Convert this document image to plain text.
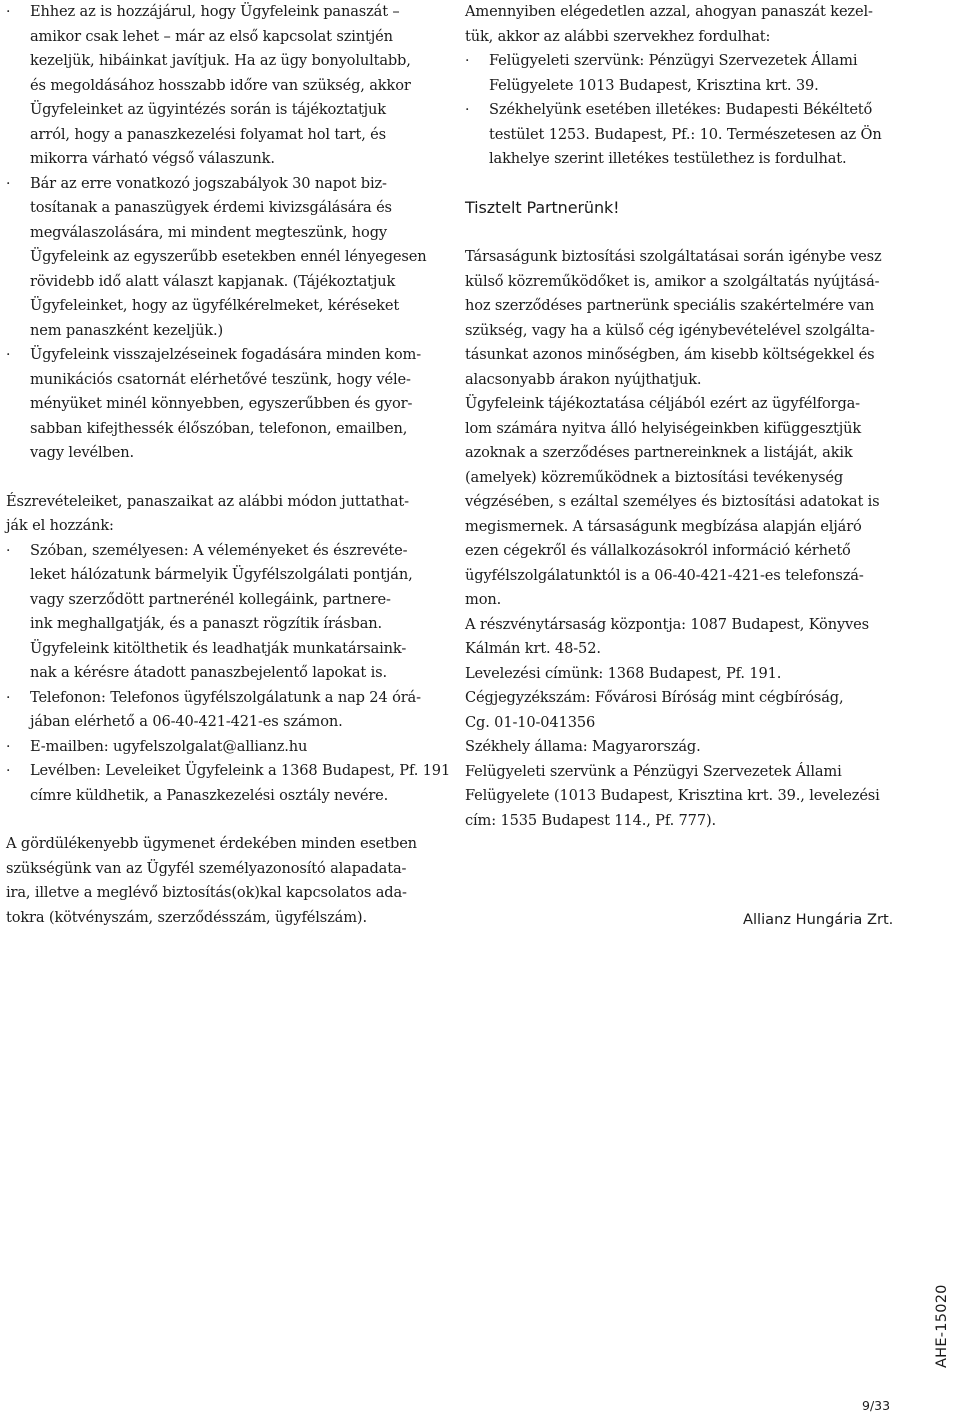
·	Ehhez az is hozzájárul, hogy Ügyfeleink panaszát –
amikor csak lehet – már az első kapcsolat szintjén
kezeljük, hibáinkat javítjuk. Ha az ügy bonyolultabb,
és megoldásához hosszabb időre van szükség, akkor
Ügyfeleinket az ügyintézés során is tájékoztatjuk
arról, hogy a panaszkezelési folyamat hol tart, és
mikorra várható végső válaszunk.
·	Bár az erre vonatkozó jogszabályok 30 napot biz-
tosítanak a panaszügyek érdemi kivizsgálására és
megválaszolására, mi mindent megteszünk, hogy
Ügyfeleink az egyszerűbb esetekben ennél lényegesen
rövidebb idő alatt választ kapjanak. (Tájékoztatjuk
Ügyfeleinket, hogy az ügyfélkérelmeket, kéréseket
nem panaszként kezeljük.)
·	Ügyfeleink visszajelzéseinek fogadására minden kom-
munikációs csatornát elérhetővé teszünk, hogy véle-
ményüket minél könnyebben, egyszerűbben és gyor-
sabban kifejthessék élőszóban, telefonon, emailben,
vagy levélben.
Észrevételeiket, panaszaikat az alábbi módon juttathat-
ják el hozzánk:
·	Szóban, személyesen: A véleményeket és észrevéte-
leket hálózatunk bármelyik Ügyfélszolgálati pontján,
vagy szerződött partnerénél kollegáink, partnere-
ink meghallgatják, és a panaszt rögzítik írásban.
Ügyfeleink kitölthetik és leadhatják munkatársaink-
nak a kérésre átadott panaszbejelentő lapokat is.
·	Telefonon: Telefonos ügyfélszolgálatunk a nap 24 órá-
jában elérhető a 06-40-421-421-es számon.
·	E-mailben: ugyfelszolgalat@allianz.hu
·	Levélben: Leveleiket Ügyfeleink a 1368 Budapest, Pf. 191
címre küldhetik, a Panaszkezelési osztály nevére.
A gördülékenyebb ügymenet érdekében minden esetben
szükségünk van az Ügyfél személyazonosító alapadata-
ira, illetve a meglévő biztosítás(ok)kal kapcsolatos ada-
tokra (kötvényszám, szerződésszám, ügyfélszám).
Amennyiben elégedetlen azzal, ahogyan panaszát kezel-
tük, akkor az alábbi szervekhez fordulhat:
·	Felügyeleti szervünk: Pénzügyi Szervezetek Állami
Felügyelete 1013 Budapest, Krisztina krt. 39.
·	Székhelyünk esetében illetékes: Budapesti Békéltető
testület 1253. Budapest, Pf.: 10. Természetesen az Ön
lakhelye szerint illetékes testülethez is fordulhat.
Tisztelt Partnerünk!
Társaságunk biztosítási szolgáltatásai során igénybe vesz
külső közreműködőket is, amikor a szolgáltatás nyújtásá-
hoz szerződéses partnerünk speciális szakértelmére van
szükség, vagy ha a külső cég igénybevételével szolgálta-
tásunkat azonos minőségben, ám kisebb költségekkel és
alacsonyabb árakon nyújthatjuk.
Ügyfeleink tájékoztatása céljából ezért az ügyfélforga-
lom számára nyitva álló helyiségeinkben kifüggesztjük
azoknak a szerződéses partnereinknek a listáját, akik
(amelyek) közreműködnek a biztosítási tevékenység
végzésében, s ezáltal személyes és biztosítási adatokat is
megismernek. A társaságunk megbízása alapján eljáró
ezen cégekről és vállalkozásokról információ kérhető
ügyfélszolgálatunktól is a 06-40-421-421-es telefonszá-
mon.
A részvénytársaság központja: 1087 Budapest, Könyves
Kálmán krt. 48-52.
Levelezési címünk: 1368 Budapest, Pf. 191.
Cégjegyzékszám: Fővárosi Bíróság mint cégbíróság,
Cg. 01-10-041356
Székhely állama: Magyarország.
Felügyeleti szervünk a Pénzügyi Szervezetek Állami
Felügyelete (1013 Budapest, Krisztina krt. 39., levelezési
cím: 1535 Budapest 114., Pf. 777).
Allianz Hungária Zrt.
AHE-15020
9/33
